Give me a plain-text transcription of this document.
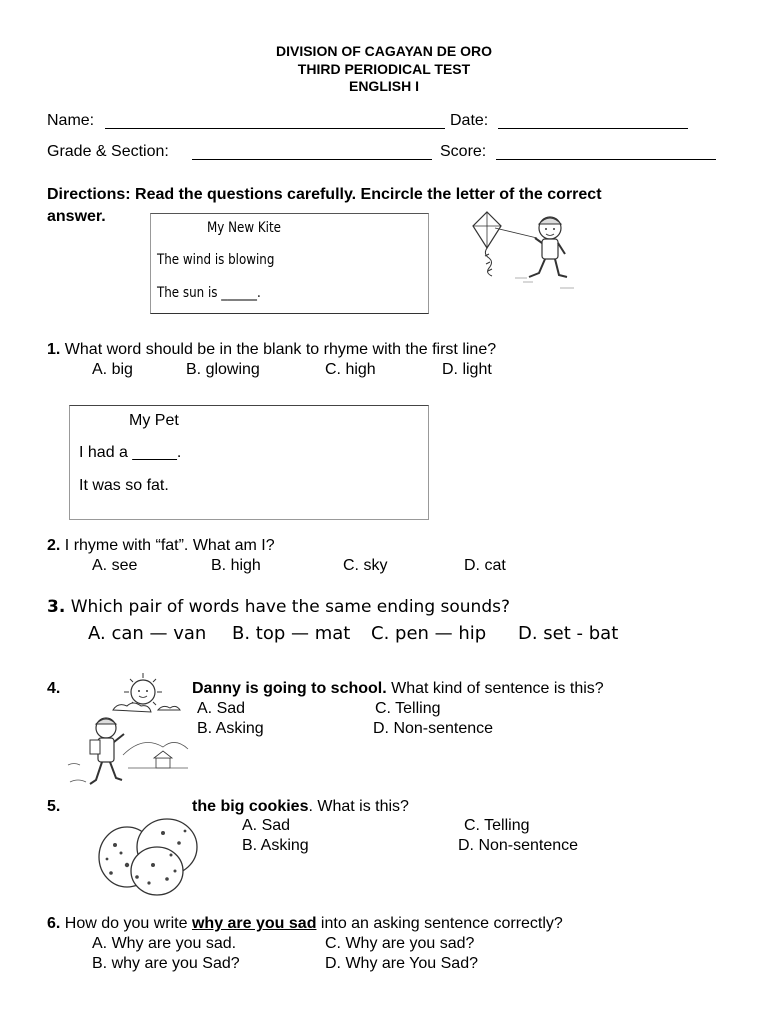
DIVISION OF CAGAYAN DE ORO
THIRD PERIODICAL TEST
ENGLISH I
Name:	Date:
Grade & Section:	Score:
Directions: Read the questions carefully. Encircle the letter of the correct
answer.
My New Kite
The wind is blowing
The sun is ______.
1. What word should be in the blank to rhyme with the first line?
A. big	B. glowing	C. high	D. light
My Pet
I had a _____.
It was so fat.
2. I rhyme with “fat”. What am I?
A. see	B. high	C. sky	D. cat
3. Which pair of words have the same ending sounds?
A. can — van B. top — mat C. pen — hip D. set - bat
4.	Danny is going to school. What kind of sentence is this?
A. Sad
B. Asking
C. Telling
D. Non-sentence
5.	the big cookies. What is this?
A. Sad
B. Asking
C. Telling
D. Non-sentence
6. How do you write why are you sad into an asking sentence correctly?
A. Why are you sad.
B. why are you Sad?
C. Why are you sad?
D. Why are You Sad?
